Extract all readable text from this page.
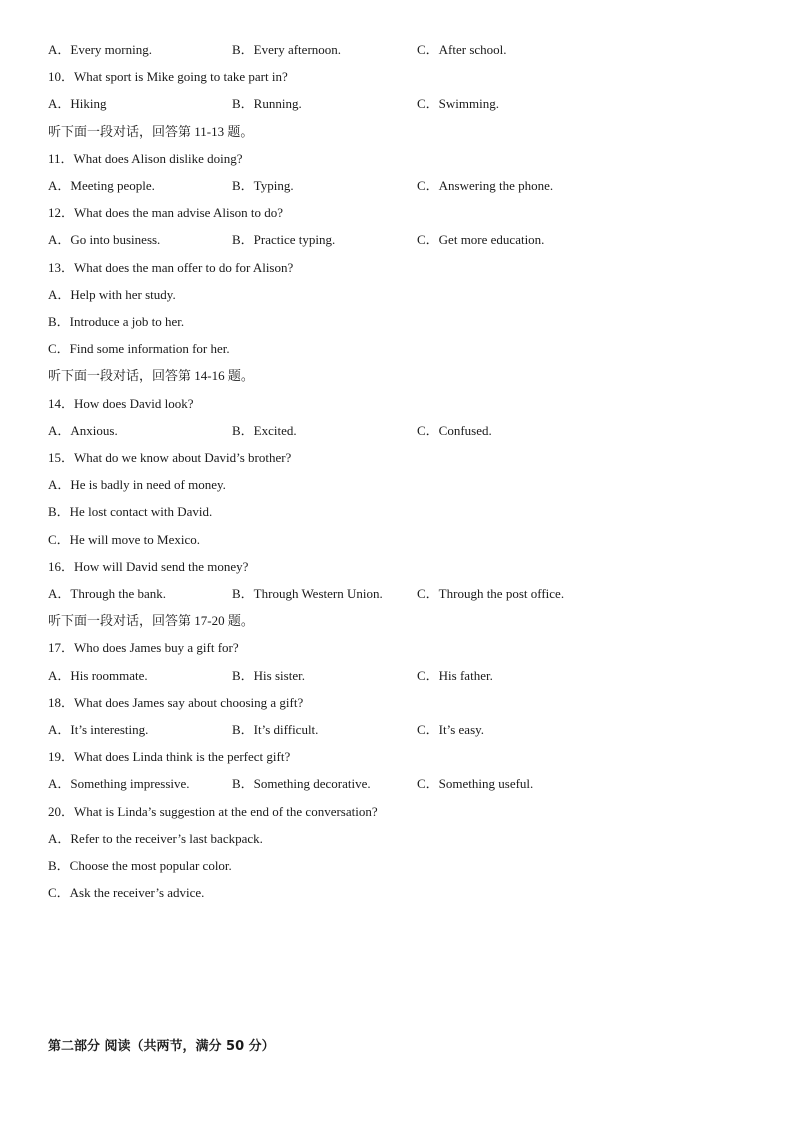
A．Every morning.	B．Every afternoon.	C．After school.
10．What sport is Mike going to take part in?
A．Hiking	B．Running.	C．Swimming.
听下面一段对话，回答第 11-13 题。
11．What does Alison dislike doing?
A．Meeting people.	B．Typing.	C．Answering the phone.
12．What does the man advise Alison to do?
A．Go into business.	B．Practice typing.	C．Get more education.
13．What does the man offer to do for Alison?
A．Help with her study.
B．Introduce a job to her.
C．Find some information for her.
听下面一段对话，回答第 14-16 题。
14．How does David look?
A．Anxious.	B．Excited.	C．Confused.
15．What do we know about David’s brother?
A．He is badly in need of money.
B．He lost contact with David.
C．He will move to Mexico.
16．How will David send the money?
A．Through the bank.	B．Through Western Union.	C．Through the post office.
听下面一段对话，回答第 17-20 题。
17．Who does James buy a gift for?
A．His roommate.	B．His sister.	C．His father.
18．What does James say about choosing a gift?
A．It’s interesting.	B．It’s difficult.	C．It’s easy.
19．What does Linda think is the perfect gift?
A．Something impressive.	B．Something decorative.	C．Something useful.
20．What is Linda’s suggestion at the end of the conversation?
A．Refer to the receiver’s last backpack.
B．Choose the most popular color.
C．Ask the receiver’s advice.
第二部分 阅读（共两节，满分 50 分）
